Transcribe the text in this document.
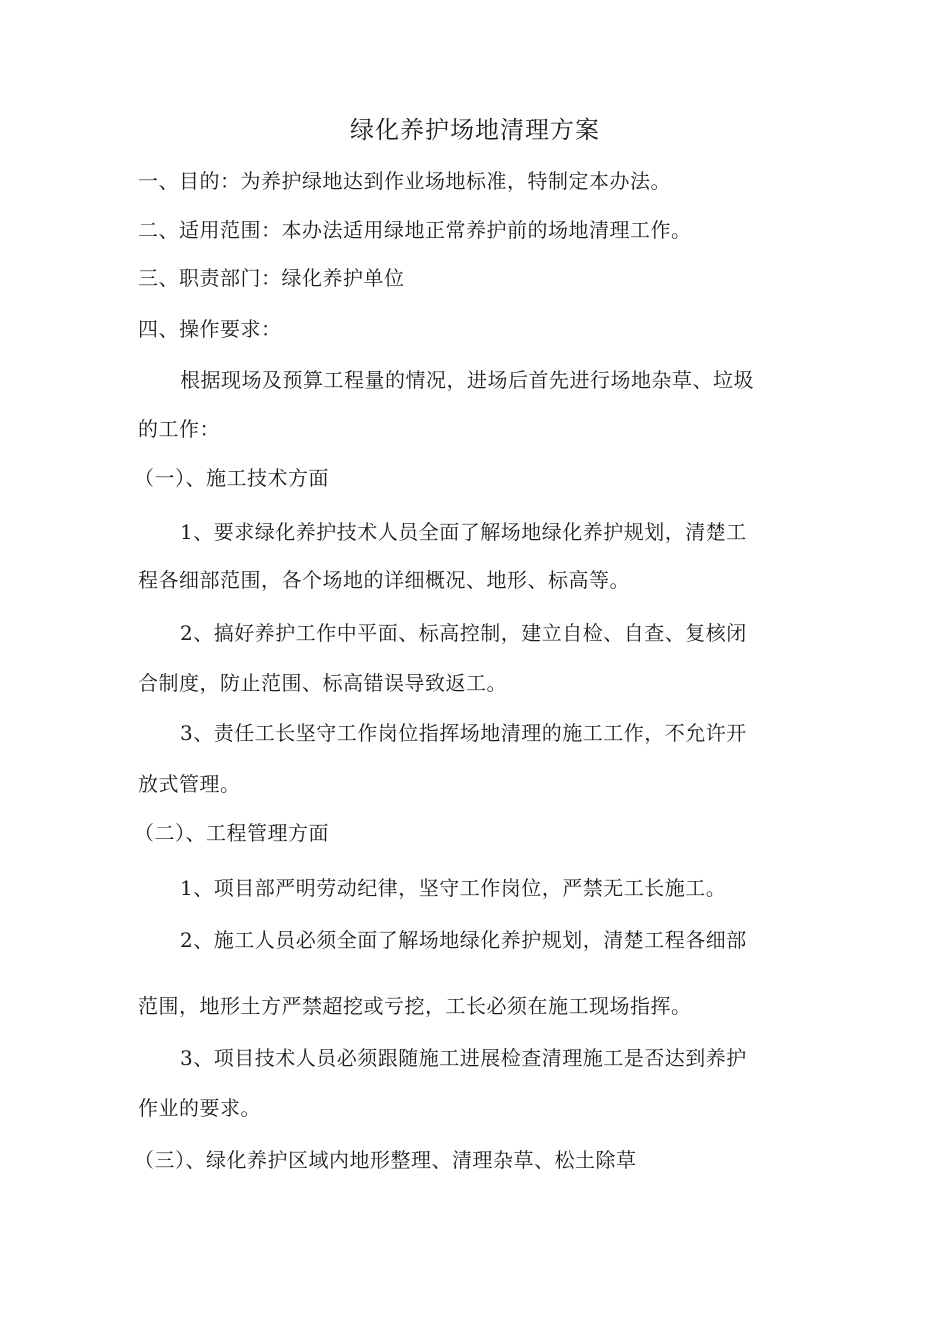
绿化养护场地清理方案
一、目的：为养护绿地达到作业场地标准，特制定本办法。
二、适用范围：本办法适用绿地正常养护前的场地清理工作。
三、职责部门：绿化养护单位
四、操作要求：
根据现场及预算工程量的情况，进场后首先进行场地杂草、垃圾
的工作：
（一）、施工技术方面
1、要求绿化养护技术人员全面了解场地绿化养护规划，清楚工
程各细部范围，各个场地的详细概况、地形、标高等。
2、搞好养护工作中平面、标高控制，建立自检、自查、复核闭
合制度，防止范围、标高错误导致返工。
3、责任工长坚守工作岗位指挥场地清理的施工工作，不允许开
放式管理。
（二）、工程管理方面
1、项目部严明劳动纪律，坚守工作岗位，严禁无工长施工。
2、施工人员必须全面了解场地绿化养护规划，清楚工程各细部
范围，地形土方严禁超挖或亏挖，工长必须在施工现场指挥。
3、项目技术人员必须跟随施工进展检查清理施工是否达到养护
作业的要求。
（三）、绿化养护区域内地形整理、清理杂草、松土除草
